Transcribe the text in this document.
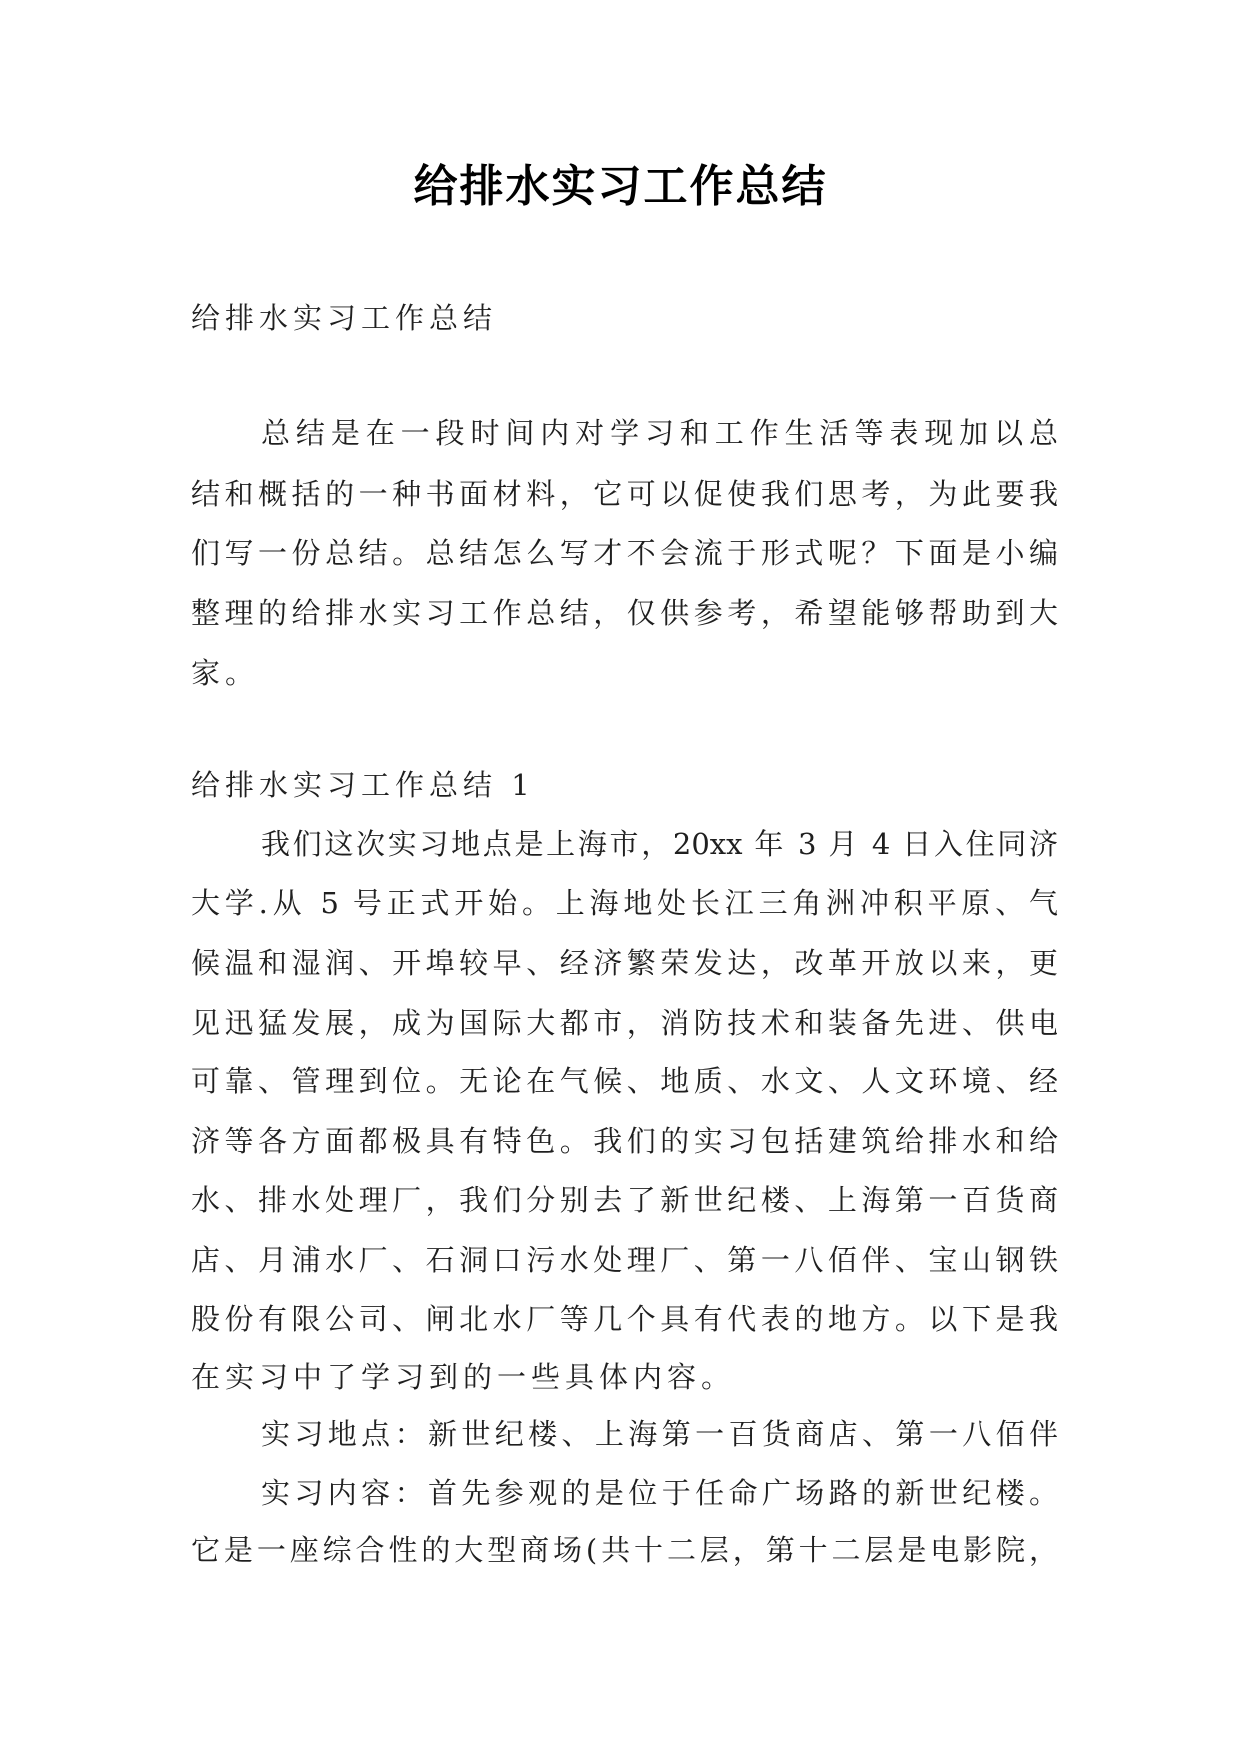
给排水实习工作总结
给排水实习工作总结
总结是在一段时间内对学习和工作生活等表现加以总
结和概括的一种书面材料，它可以促使我们思考，为此要我
们写一份总结。总结怎么写才不会流于形式呢？下面是小编
整理的给排水实习工作总结，仅供参考，希望能够帮助到大
家。
给排水实习工作总结 1
我们这次实习地点是上海市，20xx 年 3 月 4 日入住同济
大学.从 5 号正式开始。上海地处长江三角洲冲积平原、气
候温和湿润、开埠较早、经济繁荣发达，改革开放以来，更
见迅猛发展，成为国际大都市，消防技术和装备先进、供电
可靠、管理到位。无论在气候、地质、水文、人文环境、经
济等各方面都极具有特色。我们的实习包括建筑给排水和给
水、排水处理厂，我们分别去了新世纪楼、上海第一百货商
店、月浦水厂、石洞口污水处理厂、第一八佰伴、宝山钢铁
股份有限公司、闸北水厂等几个具有代表的地方。以下是我
在实习中了学习到的一些具体内容。
实习地点：新世纪楼、上海第一百货商店、第一八佰伴
实习内容：首先参观的是位于任命广场路的新世纪楼。
它是一座综合性的大型商场(共十二层，第十二层是电影院，
